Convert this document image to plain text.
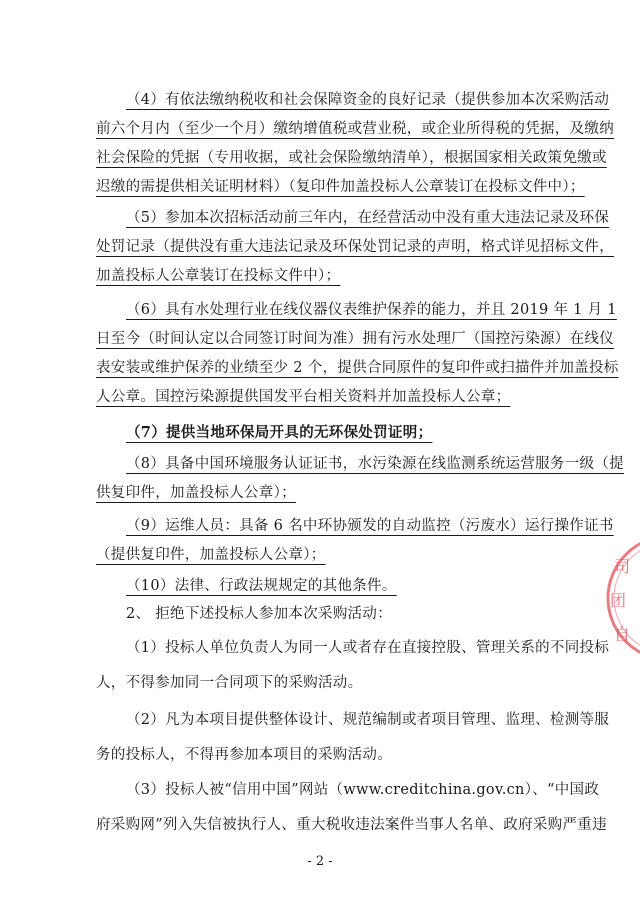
（4）有依法缴纳税收和社会保障资金的良好记录（提供参加本次采购活动
前六个月内（至少一个月）缴纳增值税或营业税，或企业所得税的凭据，及缴纳
社会保险的凭据（专用收据，或社会保险缴纳清单），根据国家相关政策免缴或
迟缴的需提供相关证明材料）（复印件加盖投标人公章装订在投标文件中）；
（5）参加本次招标活动前三年内，在经营活动中没有重大违法记录及环保
处罚记录（提供没有重大违法记录及环保处罚记录的声明，格式详见招标文件，
加盖投标人公章装订在投标文件中）；
（6）具有水处理行业在线仪器仪表维护保养的能力，并且 2019 年 1 月 1
日至今（时间认定以合同签订时间为准）拥有污水处理厂（国控污染源）在线仪
表安装或维护保养的业绩至少 2 个，提供合同原件的复印件或扫描件并加盖投标
人公章。国控污染源提供国发平台相关资料并加盖投标人公章；
（7）提供当地环保局开具的无环保处罚证明；
（8）具备中国环境服务认证证书，水污染源在线监测系统运营服务一级（提
供复印件，加盖投标人公章）；
（9）运维人员：具备 6 名中环协颁发的自动监控（污废水）运行操作证书
（提供复印件，加盖投标人公章）；
（10）法律、行政法规规定的其他条件。
2、 拒绝下述投标人参加本次采购活动：
（1）投标人单位负责人为同一人或者存在直接控股、管理关系的不同投标
人，不得参加同一合同项下的采购活动。
（2）凡为本项目提供整体设计、规范编制或者项目管理、监理、检测等服
务的投标人，不得再参加本项目的采购活动。
（3）投标人被“信用中国”网站（www.creditchina.gov.cn）、“中国政
府采购网”列入失信被执行人、重大税收违法案件当事人名单、政府采购严重违
司
团
自
- 2 -
